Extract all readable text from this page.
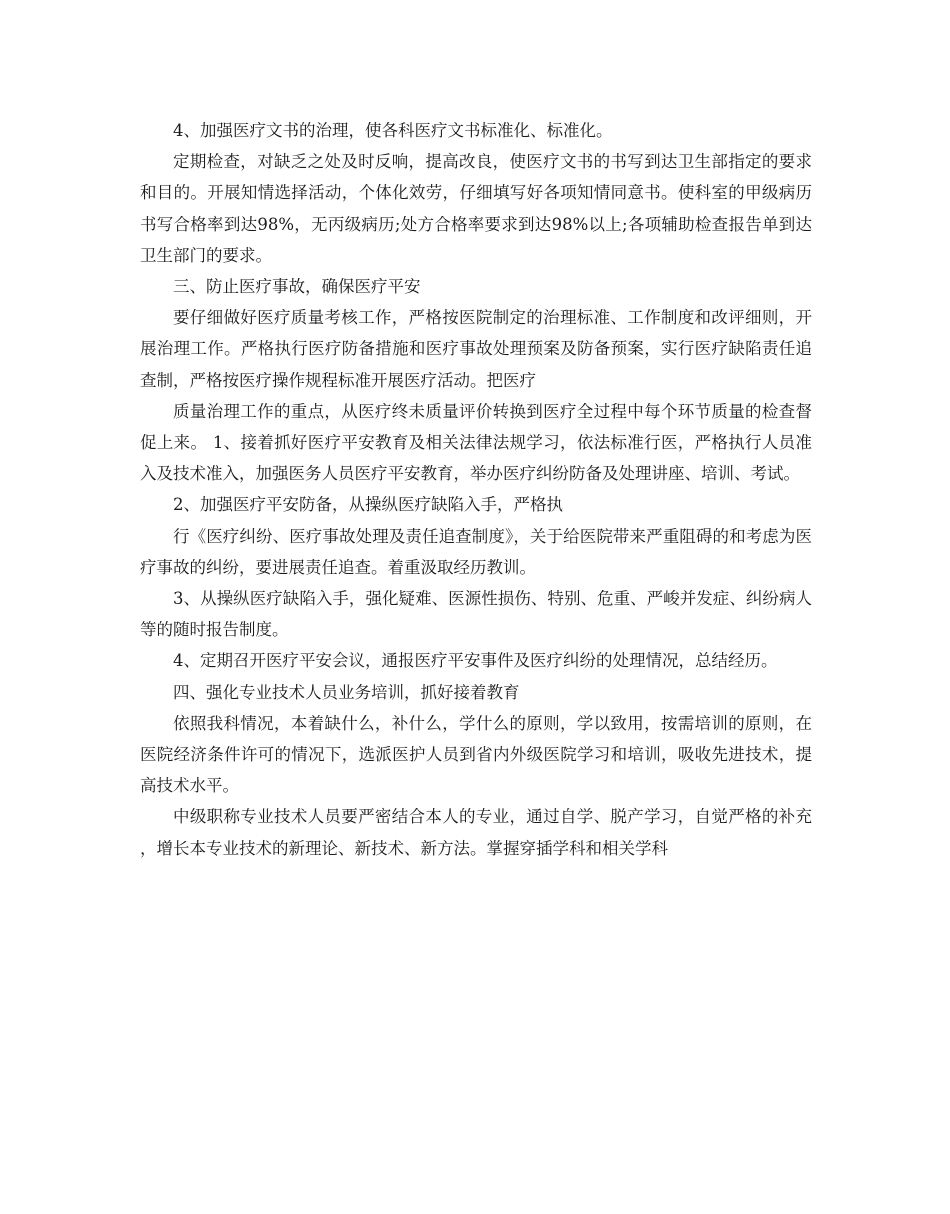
4、加强医疗文书的治理，使各科医疗文书标准化、标准化。

定期检查，对缺乏之处及时反响，提高改良，使医疗文书的书写到达卫生部指定的要求和目的。开展知情选择活动，个体化效劳，仔细填写好各项知情同意书。使科室的甲级病历书写合格率到达98%，无丙级病历;处方合格率要求到达98%以上;各项辅助检查报告单到达卫生部门的要求。

三、防止医疗事故，确保医疗平安

要仔细做好医疗质量考核工作，严格按医院制定的治理标准、工作制度和改评细则，开展治理工作。严格执行医疗防备措施和医疗事故处理预案及防备预案，实行医疗缺陷责任追查制，严格按医疗操作规程标准开展医疗活动。把医疗

质量治理工作的重点，从医疗终未质量评价转换到医疗全过程中每个环节质量的检查督促上来。 1、接着抓好医疗平安教育及相关法律法规学习，依法标准行医，严格执行人员准入及技术准入，加强医务人员医疗平安教育，举办医疗纠纷防备及处理讲座、培训、考试。

2、加强医疗平安防备，从操纵医疗缺陷入手，严格执

行《医疗纠纷、医疗事故处理及责任追查制度》，关于给医院带来严重阻碍的和考虑为医疗事故的纠纷，要进展责任追查。着重汲取经历教训。

3、从操纵医疗缺陷入手，强化疑难、医源性损伤、特别、危重、严峻并发症、纠纷病人等的随时报告制度。

4、定期召开医疗平安会议，通报医疗平安事件及医疗纠纷的处理情况，总结经历。

四、强化专业技术人员业务培训，抓好接着教育

依照我科情况，本着缺什么，补什么，学什么的原则，学以致用，按需培训的原则，在医院经济条件许可的情况下，选派医护人员到省内外级医院学习和培训，吸收先进技术，提高技术水平。

中级职称专业技术人员要严密结合本人的专业，通过自学、脱产学习，自觉严格的补充，增长本专业技术的新理论、新技术、新方法。掌握穿插学科和相关学科
